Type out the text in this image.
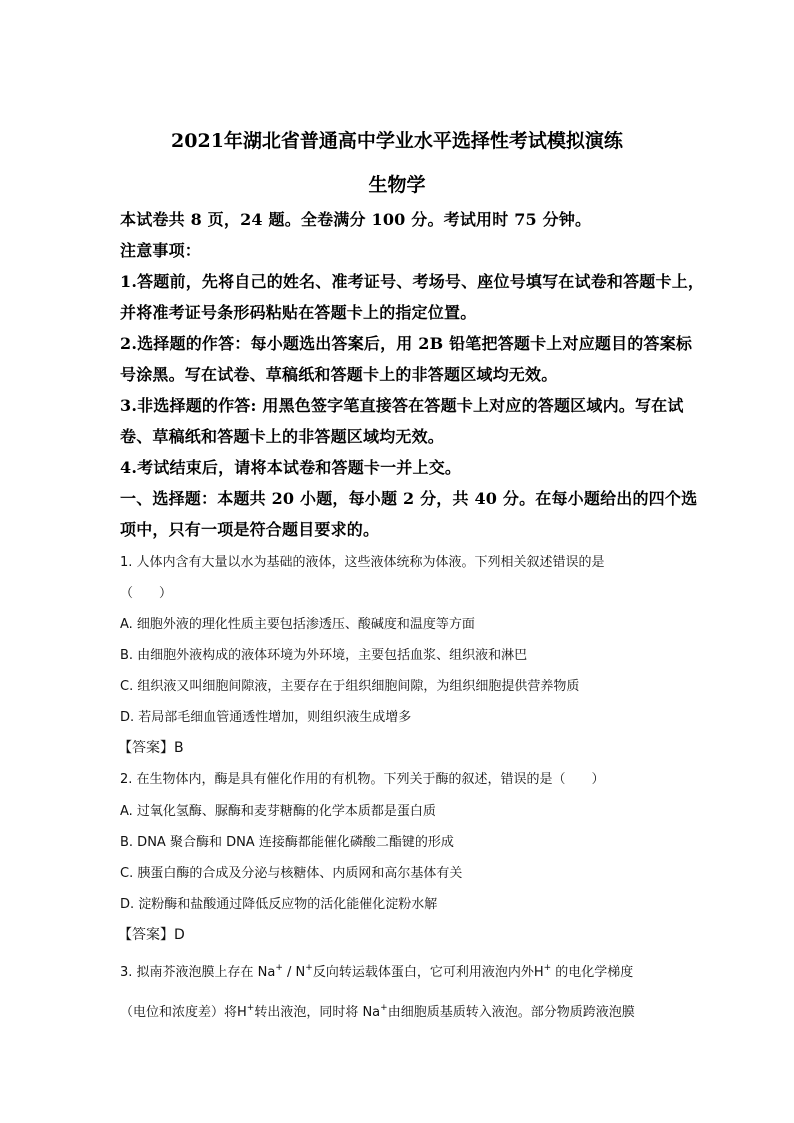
2021年湖北省普通高中学业水平选择性考试模拟演练
生物学
本试卷共 8 页，24 题。全卷满分 100 分。考试用时 75 分钟。
注意事项：
1.答题前，先将自己的姓名、准考证号、考场号、座位号填写在试卷和答题卡上，
并将准考证号条形码粘贴在答题卡上的指定位置。
2.选择题的作答：每小题选出答案后，用 2B 铅笔把答题卡上对应题目的答案标
号涂黑。写在试卷、草稿纸和答题卡上的非答题区域均无效。
3.非选择题的作答: 用黑色签字笔直接答在答题卡上对应的答题区域内。写在试
卷、草稿纸和答题卡上的非答题区域均无效。
4.考试结束后，请将本试卷和答题卡一并上交。
一、选择题：本题共 20 小题，每小题 2 分，共 40 分。在每小题给出的四个选
项中，只有一项是符合题目要求的。
1. 人体内含有大量以水为基础的液体，这些液体统称为体液。下列相关叙述错误的是
（　　）
A. 细胞外液的理化性质主要包括渗透压、酸碱度和温度等方面
B. 由细胞外液构成的液体环境为外环境，主要包括血浆、组织液和淋巴
C. 组织液又叫细胞间隙液，主要存在于组织细胞间隙，为组织细胞提供营养物质
D. 若局部毛细血管通透性增加，则组织液生成增多
【答案】B
2. 在生物体内，酶是具有催化作用的有机物。下列关于酶的叙述，错误的是（　　）
A. 过氧化氢酶、脲酶和麦芽糖酶的化学本质都是蛋白质
B. DNA 聚合酶和 DNA 连接酶都能催化磷酸二酯键的形成
C. 胰蛋白酶的合成及分泌与核糖体、内质网和高尔基体有关
D. 淀粉酶和盐酸通过降低反应物的活化能催化淀粉水解
【答案】D
3. 拟南芥液泡膜上存在 Na+ / N+反向转运载体蛋白，它可利用液泡内外H+ 的电化学梯度
（电位和浓度差）将H+转出液泡，同时将 Na+由细胞质基质转入液泡。部分物质跨液泡膜
